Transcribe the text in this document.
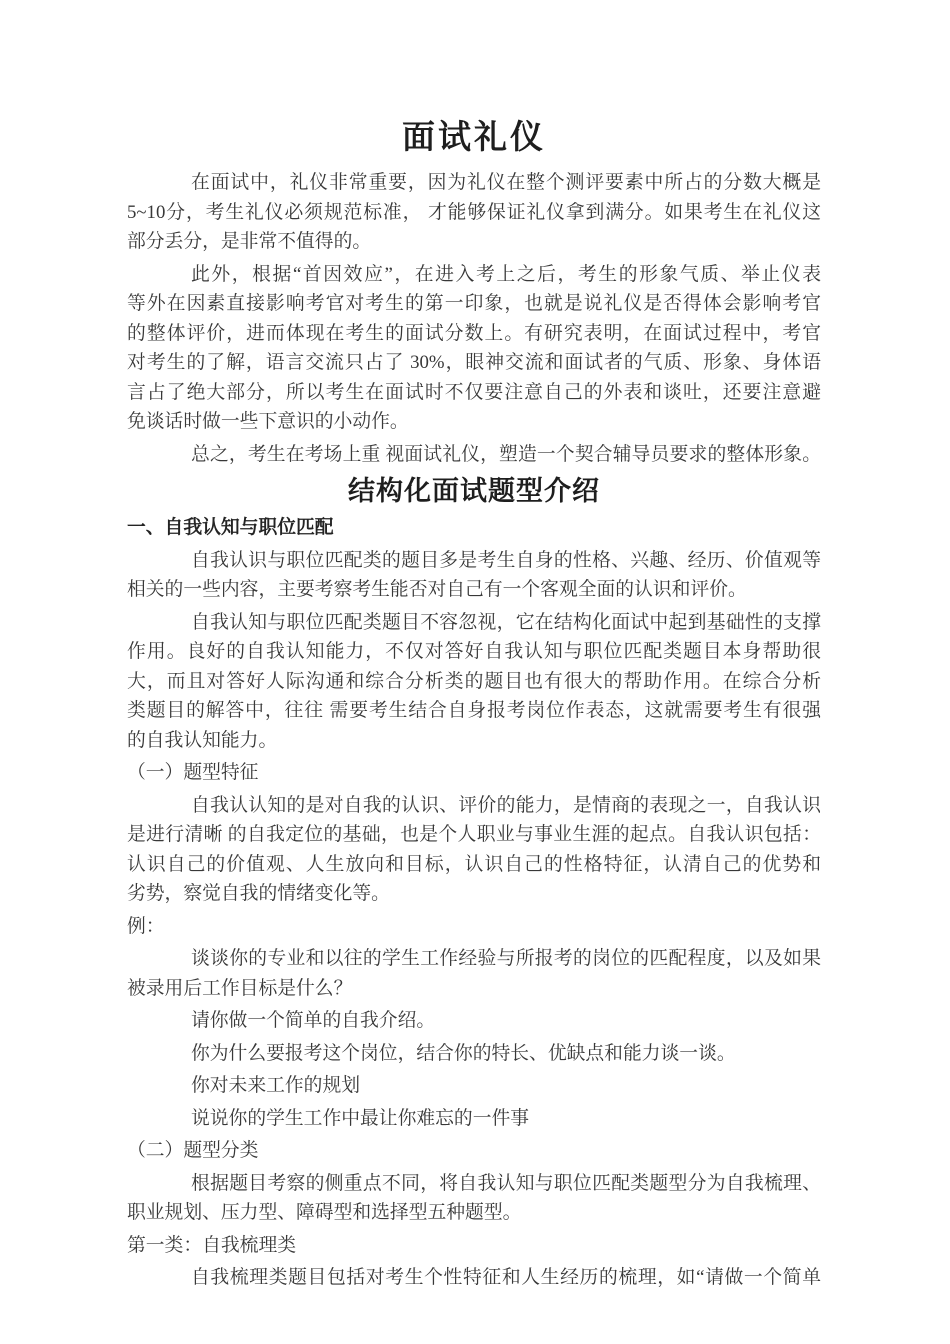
面试礼仪
在面试中，礼仪非常重要，因为礼仪在整个测评要素中所占的分数大概是
5~10分，考生礼仪必须规范标准， 才能够保证礼仪拿到满分。如果考生在礼仪这
部分丢分，是非常不值得的。
此外，根据“首因效应”，在进入考上之后，考生的形象气质、举止仪表
等外在因素直接影响考官对考生的第一印象，也就是说礼仪是否得体会影响考官
的整体评价，进而体现在考生的面试分数上。有研究表明，在面试过程中，考官
对考生的了解，语言交流只占了 30%，眼神交流和面试者的气质、形象、身体语
言占了绝大部分，所以考生在面试时不仅要注意自己的外表和谈吐，还要注意避
免谈话时做一些下意识的小动作。
总之，考生在考场上重 视面试礼仪，塑造一个契合辅导员要求的整体形象。
结构化面试题型介绍
一、自我认知与职位匹配
自我认识与职位匹配类的题目多是考生自身的性格、兴趣、经历、价值观等
相关的一些内容，主要考察考生能否对自己有一个客观全面的认识和评价。
自我认知与职位匹配类题目不容忽视，它在结构化面试中起到基础性的支撑
作用。良好的自我认知能力，不仅对答好自我认知与职位匹配类题目本身帮助很
大，而且对答好人际沟通和综合分析类的题目也有很大的帮助作用。在综合分析
类题目的解答中，往往 需要考生结合自身报考岗位作表态，这就需要考生有很强
的自我认知能力。
（一）题型特征
自我认认知的是对自我的认识、评价的能力，是情商的表现之一，自我认识
是进行清晰 的自我定位的基础，也是个人职业与事业生涯的起点。自我认识包括：
认识自己的价值观、人生放向和目标，认识自己的性格特征，认清自己的优势和
劣势，察觉自我的情绪变化等。
例：
谈谈你的专业和以往的学生工作经验与所报考的岗位的匹配程度，以及如果
被录用后工作目标是什么？
请你做一个简单的自我介绍。
你为什么要报考这个岗位，结合你的特长、优缺点和能力谈一谈。
你对未来工作的规划
说说你的学生工作中最让你难忘的一件事
（二）题型分类
根据题目考察的侧重点不同，将自我认知与职位匹配类题型分为自我梳理、
职业规划、压力型、障碍型和选择型五种题型。
第一类：自我梳理类
自我梳理类题目包括对考生个性特征和人生经历的梳理，如“请做一个简单
